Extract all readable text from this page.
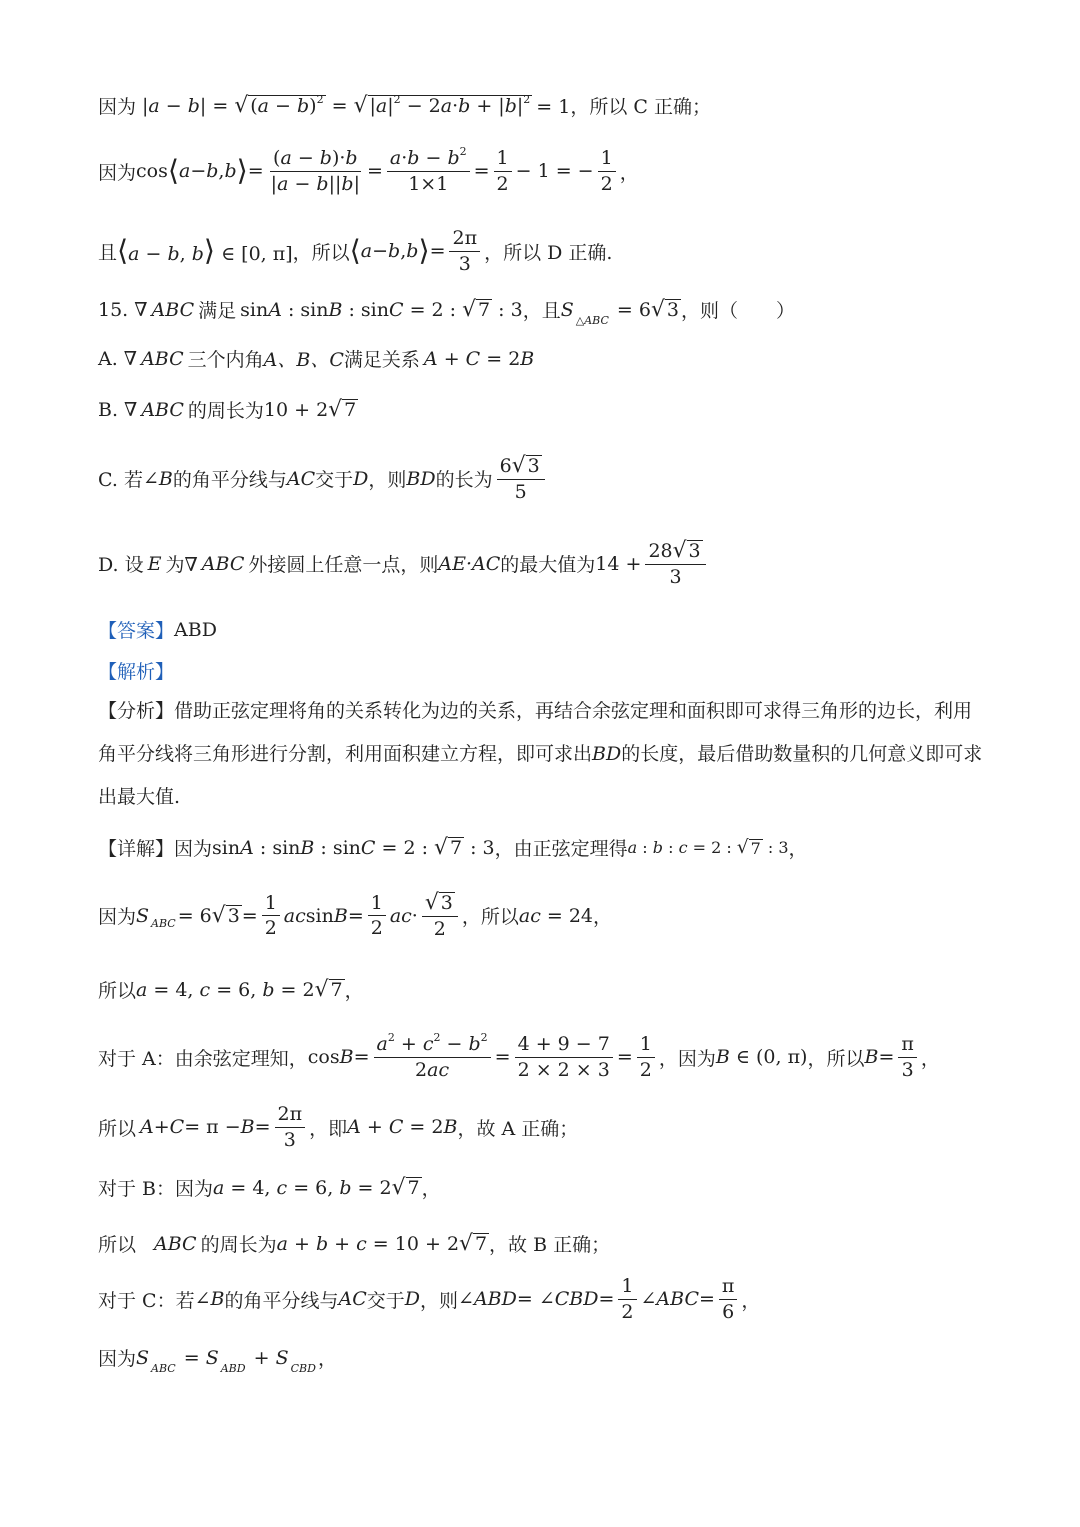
因为 |a − b| = √ $(a - b)^2$ = √ $|a|^2 - 2a\cdot b + |b|^2 = 1$，所以 C 正确；
因为 cos ⟨ a − b , b ⟩ = $\frac{(a - b)\cdot b}{|a - b||b|} = \frac{a\cdot b - b^2}{1\times 1} = \frac{1}{2} - 1$ = − $\frac{1}{2}$ ，
且 ⟨a − b, b⟩ ∈ [0, π] ，所以 ⟨ a − b , b ⟩ = $\frac{2\pi}{3}$ ，所以 D 正确.
15. ∇ ABC 满足 sinA : sinB : sinC = 2 : √ 7 : 3 ，且 S $_{\triangle ABC}$ = 6 √ 3 ，则（　　）
A. ∇ ABC 三个内角 A、B、C 满足关系 A + C = 2B
B. ∇ ABC 的周长为 10 + 2 √ 7
C. 若 ∠B 的角平分线与 AC 交于 D ，则 BD 的长为 $\frac{6 √ 3}{5}$
D. 设 E 为∇ ABC 外接圆上任意一点，则 AE·AC 的最大值为 $14 + \frac{28 √ 3}{3}$
【答案】 ABD
【解析】
【分析】借助正弦定理将角的关系转化为边的关系，再结合余弦定理和面积即可求得三角形的边长，利用角平分线将三角形进行分割，利用面积建立方程，即可求出BD的长度，最后借助数量积的几何意义即可求出最大值.
【详解】 因为 sinA : sinB : sinC = 2 : √ 7 : 3 ，由正弦定理得 a : b : c = 2 : √ 7 : 3 ，
因为 S ABC = 6 √ $3 = \frac{1}{2}$ ac $\sin B = \frac{1}{2}$ ac · $\frac{√ 3}{2}$ ，所以 ac = 24 ，
所以 a = 4, c = 6, b = 2 √ 7 ，
对于 A：由余弦定理知， $\cos B = \frac{a^2 + c^2 - b^2}{2ac} = \frac{4 + 9 - 7}{2 \times 2 \times 3} = \frac{1}{2}$ ，因为 B ∈ (0, π) ，所以 $B = \frac{\pi}{3}$ ，
所以 $A + C = \pi - B = \frac{2\pi}{3}$ ，即 A + C = 2B ，故 A 正确；
对于 B：因为 a = 4, c = 6, b = 2 √ 7 ，
所以 ABC 的周长为 a + b + c = 10 + 2 √ 7 ，故 B 正确；
对于 C：若 ∠B 的角平分线与 AC 交于 D ，则 ∠ ABD = ∠ CBD = $\frac{1}{2}$ ∠ ABC = $\frac{\pi}{6}$ ，
因为 S $_{ABC}$ = S $_{ABD}$ + S $_{CBD}$ ，
